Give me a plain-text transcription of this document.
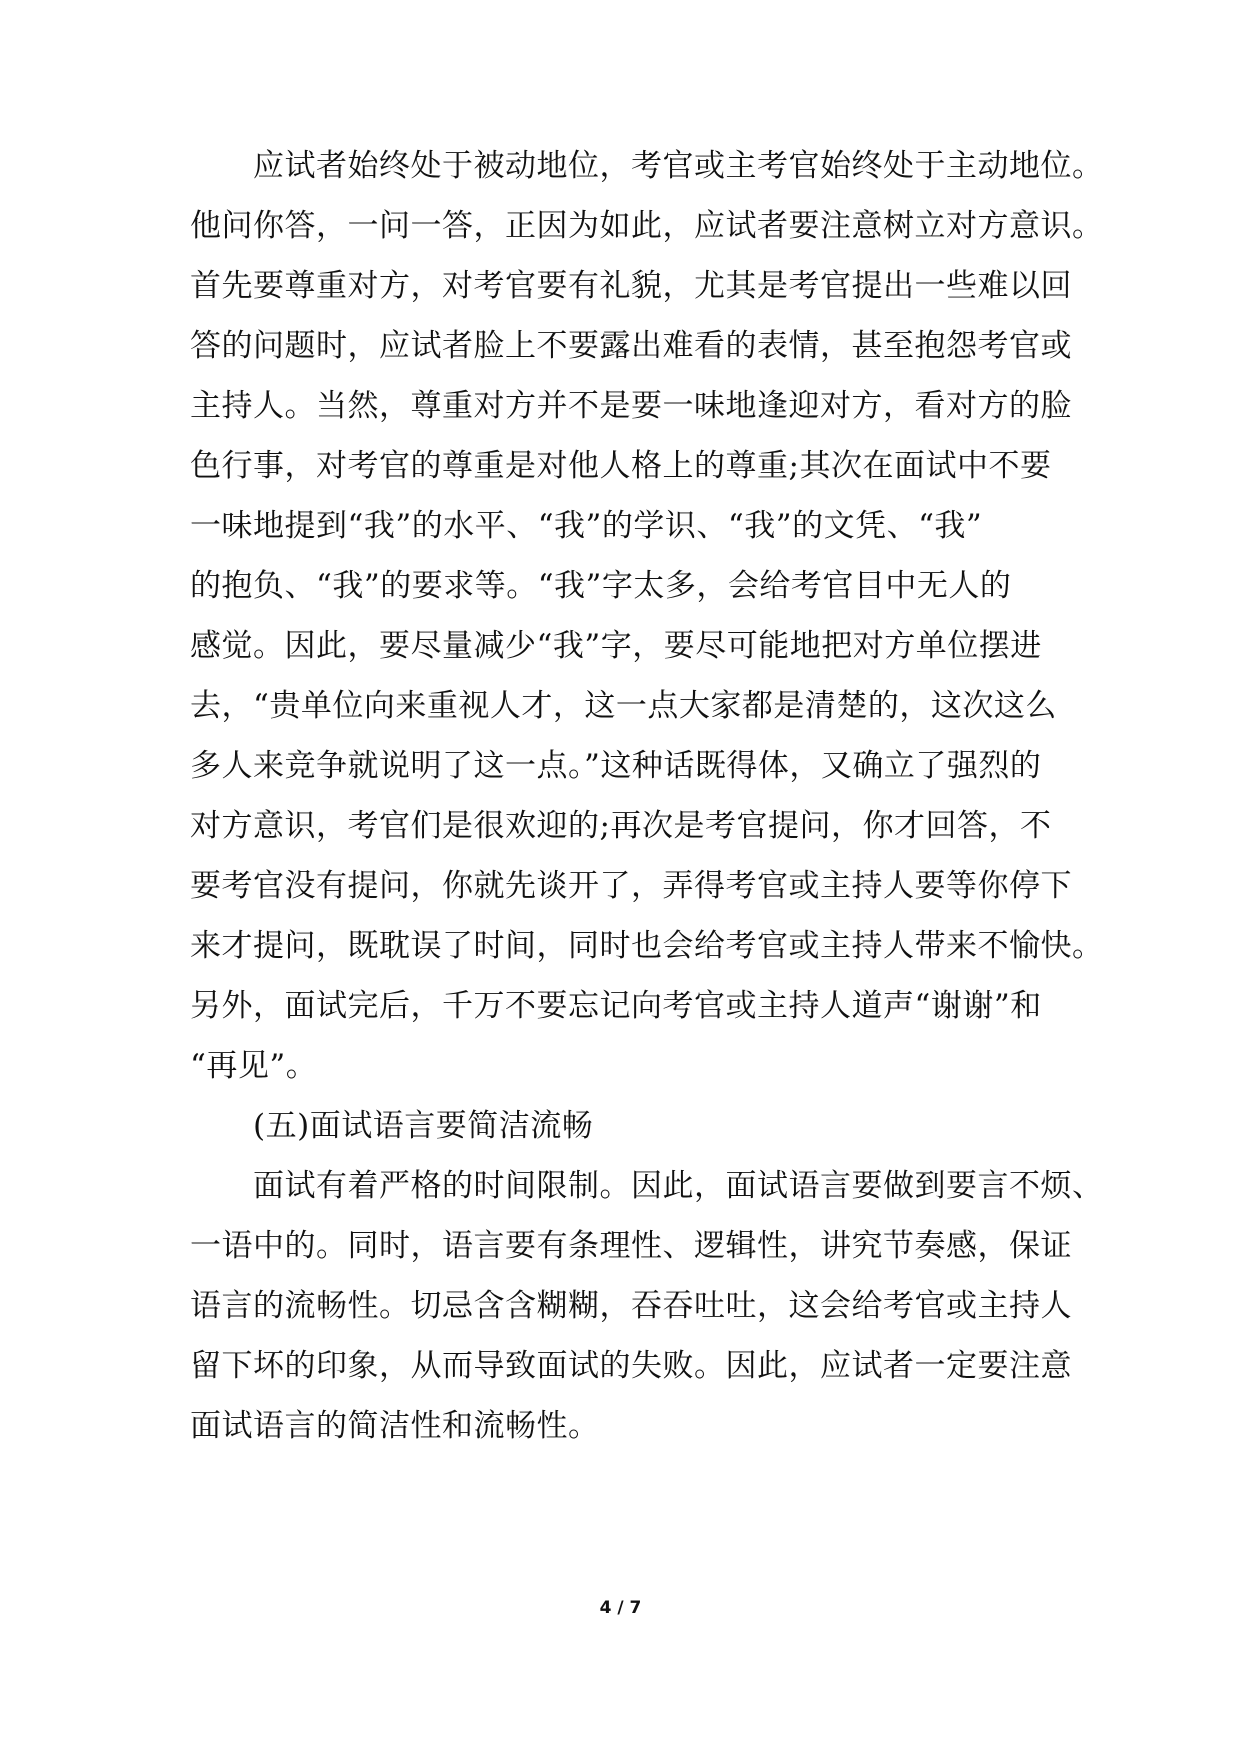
应试者始终处于被动地位，考官或主考官始终处于主动地位。
他问你答，一问一答，正因为如此，应试者要注意树立对方意识。
首先要尊重对方，对考官要有礼貌，尤其是考官提出一些难以回
答的问题时，应试者脸上不要露出难看的表情，甚至抱怨考官或
主持人。当然，尊重对方并不是要一味地逢迎对方，看对方的脸
色行事，对考官的尊重是对他人格上的尊重;其次在面试中不要
一味地提到“我”的水平、“我”的学识、“我”的文凭、“我”
的抱负、“我”的要求等。“我”字太多，会给考官目中无人的
感觉。因此，要尽量减少“我”字，要尽可能地把对方单位摆进
去，“贵单位向来重视人才，这一点大家都是清楚的，这次这么
多人来竞争就说明了这一点。”这种话既得体，又确立了强烈的
对方意识，考官们是很欢迎的;再次是考官提问，你才回答，不
要考官没有提问，你就先谈开了，弄得考官或主持人要等你停下
来才提问，既耽误了时间，同时也会给考官或主持人带来不愉快。
另外，面试完后，千万不要忘记向考官或主持人道声“谢谢”和
“再见”。
(五)面试语言要简洁流畅
面试有着严格的时间限制。因此，面试语言要做到要言不烦、
一语中的。同时，语言要有条理性、逻辑性，讲究节奏感，保证
语言的流畅性。切忌含含糊糊，吞吞吐吐，这会给考官或主持人
留下坏的印象，从而导致面试的失败。因此，应试者一定要注意
面试语言的简洁性和流畅性。
4 / 7
